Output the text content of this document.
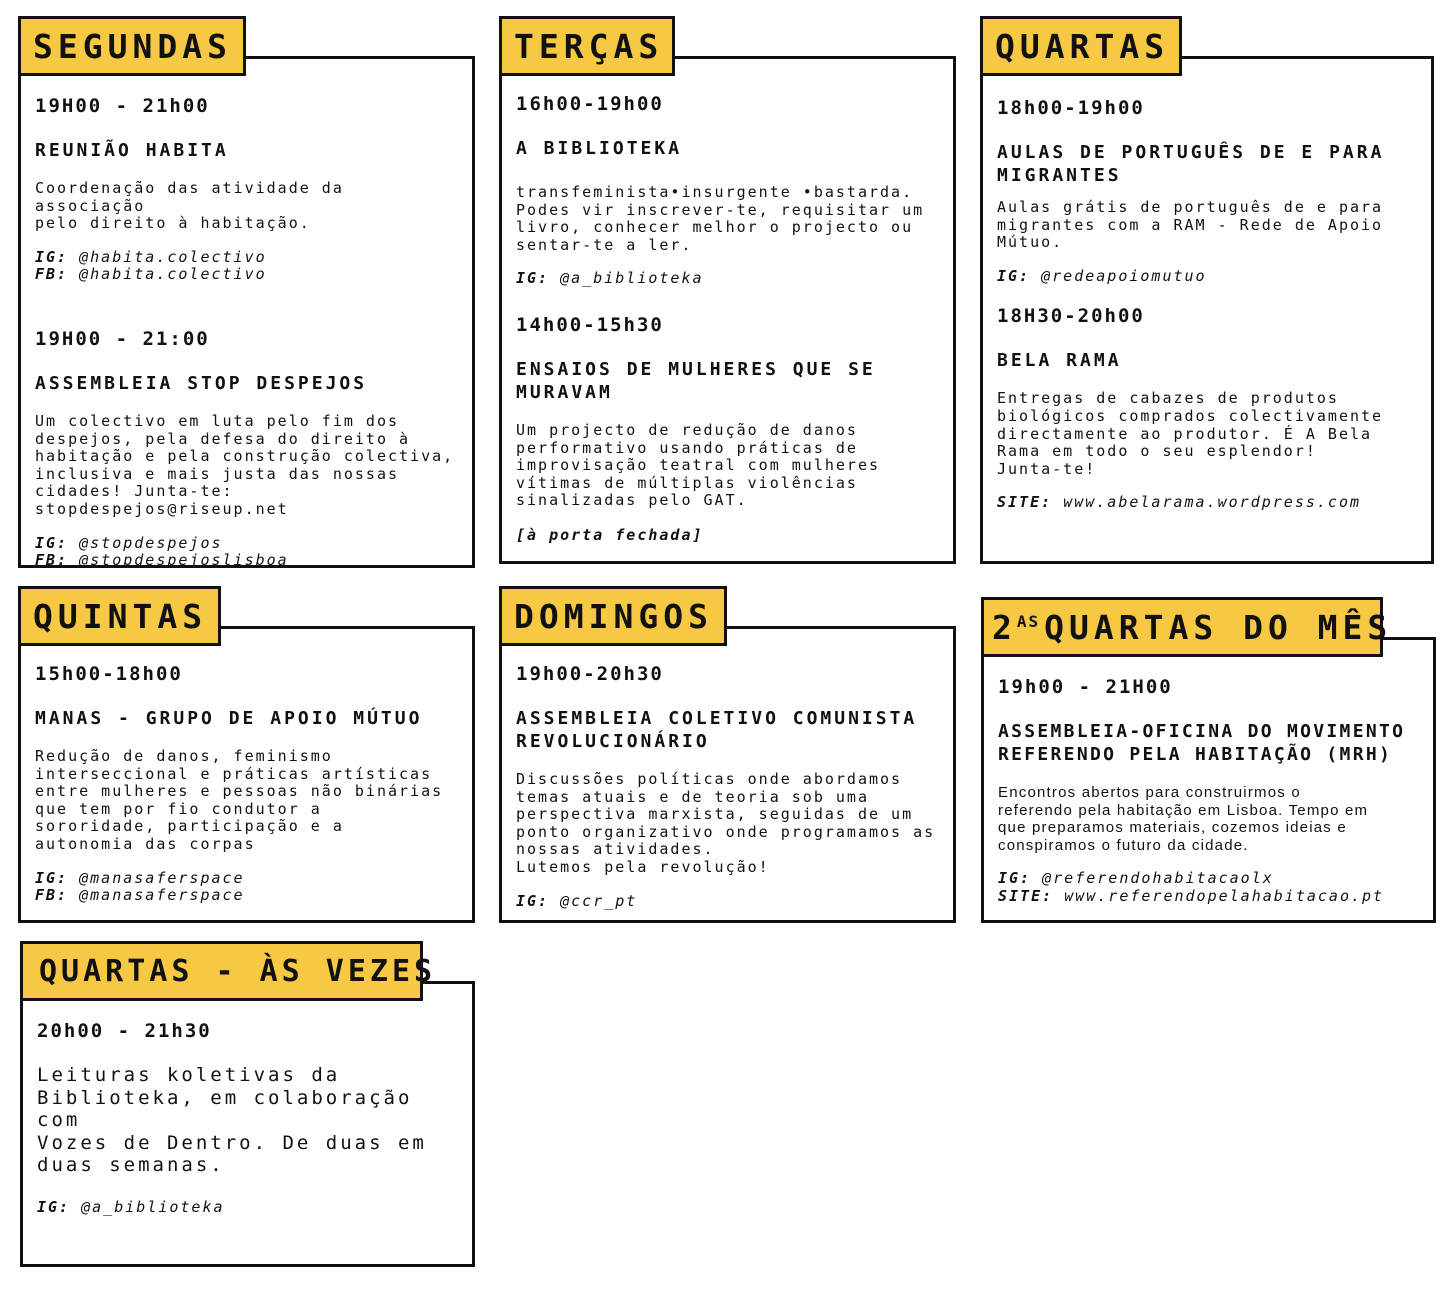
SEGUNDAS

19H00 - 21h00

REUNIÃO HABITA

Coordenação das atividade da associação
pelo direito à habitação.

IG: @habita.colectivo

FB: @habita.colectivo

19H00 - 21:00

ASSEMBLEIA STOP DESPEJOS

Um colectivo em luta pelo fim dos
despejos, pela defesa do direito à
habitação e pela construção colectiva,
inclusiva e mais justa das nossas
cidades! Junta-te:
stopdespejos@riseup.net

IG: @stopdespejos

FB: @stopdespejoslisboa

TERÇAS

16h00-19h00

A BIBLIOTEKA

transfeminista•insurgente •bastarda.
Podes vir inscrever-te, requisitar um
livro, conhecer melhor o projecto ou
sentar-te a ler.

IG: @a_biblioteka

14h00-15h30

ENSAIOS DE MULHERES QUE SE
MURAVAM

Um projecto de redução de danos
performativo usando práticas de
improvisação teatral com mulheres
vítimas de múltiplas violências
sinalizadas pelo GAT.

[à porta fechada]

QUARTAS

18h00-19h00

AULAS DE PORTUGUÊS DE E PARA
MIGRANTES

Aulas grátis de português de e para
migrantes com a RAM - Rede de Apoio
Mútuo.

IG: @redeapoiomutuo

18H30-20h00

BELA RAMA

Entregas de cabazes de produtos
biológicos comprados colectivamente
directamente ao produtor. É A Bela
Rama em todo o seu esplendor!
Junta-te!

SITE: www.abelarama.wordpress.com

QUINTAS

15h00-18h00

MANAS - GRUPO DE APOIO MÚTUO

Redução de danos, feminismo
interseccional e práticas artísticas
entre mulheres e pessoas não binárias
que tem por fio condutor a
sororidade, participação e a
autonomia das corpas

IG: @manasaferspace

FB: @manasaferspace

DOMINGOS

19h00-20h30

ASSEMBLEIA COLETIVO COMUNISTA
REVOLUCIONÁRIO

Discussões políticas onde abordamos
temas atuais e de teoria sob uma
perspectiva marxista, seguidas de um
ponto organizativo onde programamos as
nossas atividades.
Lutemos pela revolução!

IG: @ccr_pt

$2^{AS}$ QUARTAS DO MÊS

19h00 - 21H00

ASSEMBLEIA-OFICINA DO MOVIMENTO
REFERENDO PELA HABITAÇÃO (MRH)

Encontros abertos para construirmos o
referendo pela habitação em Lisboa. Tempo em
que preparamos materiais, cozemos ideias e
conspiramos o futuro da cidade.

IG: @referendohabitacaolx

SITE: www.referendopelahabitacao.pt

QUARTAS - ÀS VEZES

20h00 - 21h30

Leituras koletivas da
Biblioteka, em colaboração com
Vozes de Dentro. De duas em
duas semanas.

IG: @a_biblioteka
